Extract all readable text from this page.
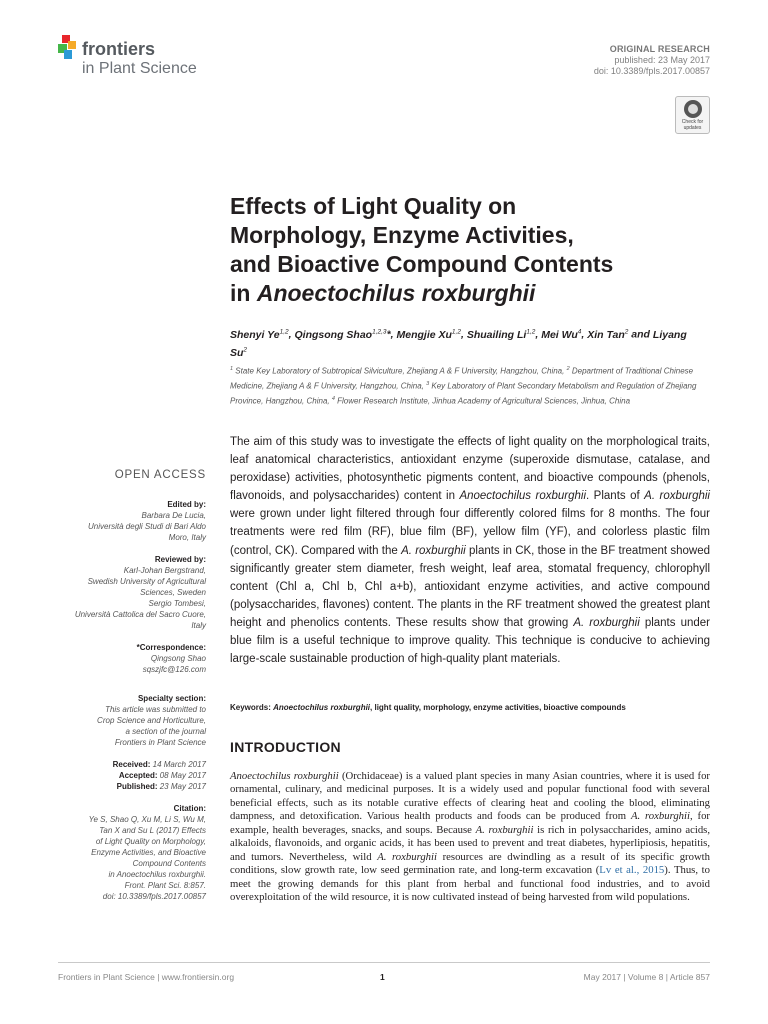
frontiers
in Plant Science
ORIGINAL RESEARCH
published: 23 May 2017
doi: 10.3389/fpls.2017.00857
Check for
updates
Effects of Light Quality on
Morphology, Enzyme Activities,
and Bioactive Compound Contents
in Anoectochilus roxburghii
Shenyi Ye$^{1,2}$, Qingsong Shao$^{1,2,3}$*, Mengjie Xu$^{1,2}$, Shuailing Li$^{1,2}$, Mei Wu$^4$, Xin Tan$^2$ and Liyang Su$^2$
$^1$ State Key Laboratory of Subtropical Silviculture, Zhejiang A & F University, Hangzhou, China, $^2$ Department of Traditional Chinese Medicine, Zhejiang A & F University, Hangzhou, China, $^3$ Key Laboratory of Plant Secondary Metabolism and Regulation of Zhejiang Province, Hangzhou, China, $^4$ Flower Research Institute, Jinhua Academy of Agricultural Sciences, Jinhua, China
OPEN ACCESS
Edited by:
Barbara De Lucia,
Università degli Studi di Bari Aldo
Moro, Italy
Reviewed by:
Karl-Johan Bergstrand,
Swedish University of Agricultural
Sciences, Sweden
Sergio Tombesi,
Università Cattolica del Sacro Cuore,
Italy
*Correspondence:
Qingsong Shao
sqszjfc@126.com
Specialty section:
This article was submitted to
Crop Science and Horticulture,
a section of the journal
Frontiers in Plant Science
Received: 14 March 2017
Accepted: 08 May 2017
Published: 23 May 2017
Citation:
Ye S, Shao Q, Xu M, Li S, Wu M,
Tan X and Su L (2017) Effects
of Light Quality on Morphology,
Enzyme Activities, and Bioactive
Compound Contents
in Anoectochilus roxburghii.
Front. Plant Sci. 8:857.
doi: 10.3389/fpls.2017.00857
The aim of this study was to investigate the effects of light quality on the morphological traits, leaf anatomical characteristics, antioxidant enzyme (superoxide dismutase, catalase, and peroxidase) activities, photosynthetic pigments content, and bioactive compounds (phenols, flavonoids, and polysaccharides) content in Anoectochilus roxburghii. Plants of A. roxburghii were grown under light filtered through four differently colored films for 8 months. The four treatments were red film (RF), blue film (BF), yellow film (YF), and colorless plastic film (control, CK). Compared with the A. roxburghii plants in CK, those in the BF treatment showed significantly greater stem diameter, fresh weight, leaf area, stomatal frequency, chlorophyll content (Chl a, Chl b, Chl a+b), antioxidant enzyme activities, and active compound (polysaccharides, flavones) content. The plants in the RF treatment showed the greatest plant height and phenolics contents. These results show that growing A. roxburghii plants under blue film is a useful technique to improve quality. This technique is conducive to achieving large-scale sustainable production of high-quality plant materials.
Keywords: Anoectochilus roxburghii, light quality, morphology, enzyme activities, bioactive compounds
INTRODUCTION
Anoectochilus roxburghii (Orchidaceae) is a valued plant species in many Asian countries, where it is used for ornamental, culinary, and medicinal purposes. It is a widely used and popular functional food with several beneficial effects, such as its notable curative effects of clearing heat and cooling the blood, eliminating dampness, and detoxification. Various health products and foods can be produced from A. roxburghii, for example, health beverages, snacks, and soups. Because A. roxburghii is rich in polysaccharides, amino acids, alkaloids, flavonoids, and organic acids, it has been used to prevent and treat diabetes, hyperlipiosis, hepatitis, and tumors. Nevertheless, wild A. roxburghii resources are dwindling as a result of its specific growth conditions, slow growth rate, low seed germination rate, and long-term excavation (Lv et al., 2015). Thus, to meet the growing demands for this plant from herbal and functional food industries, and to avoid overexploitation of the wild resource, it is now cultivated instead of being harvested from wild populations.
Frontiers in Plant Science | www.frontiersin.org	1	May 2017 | Volume 8 | Article 857
